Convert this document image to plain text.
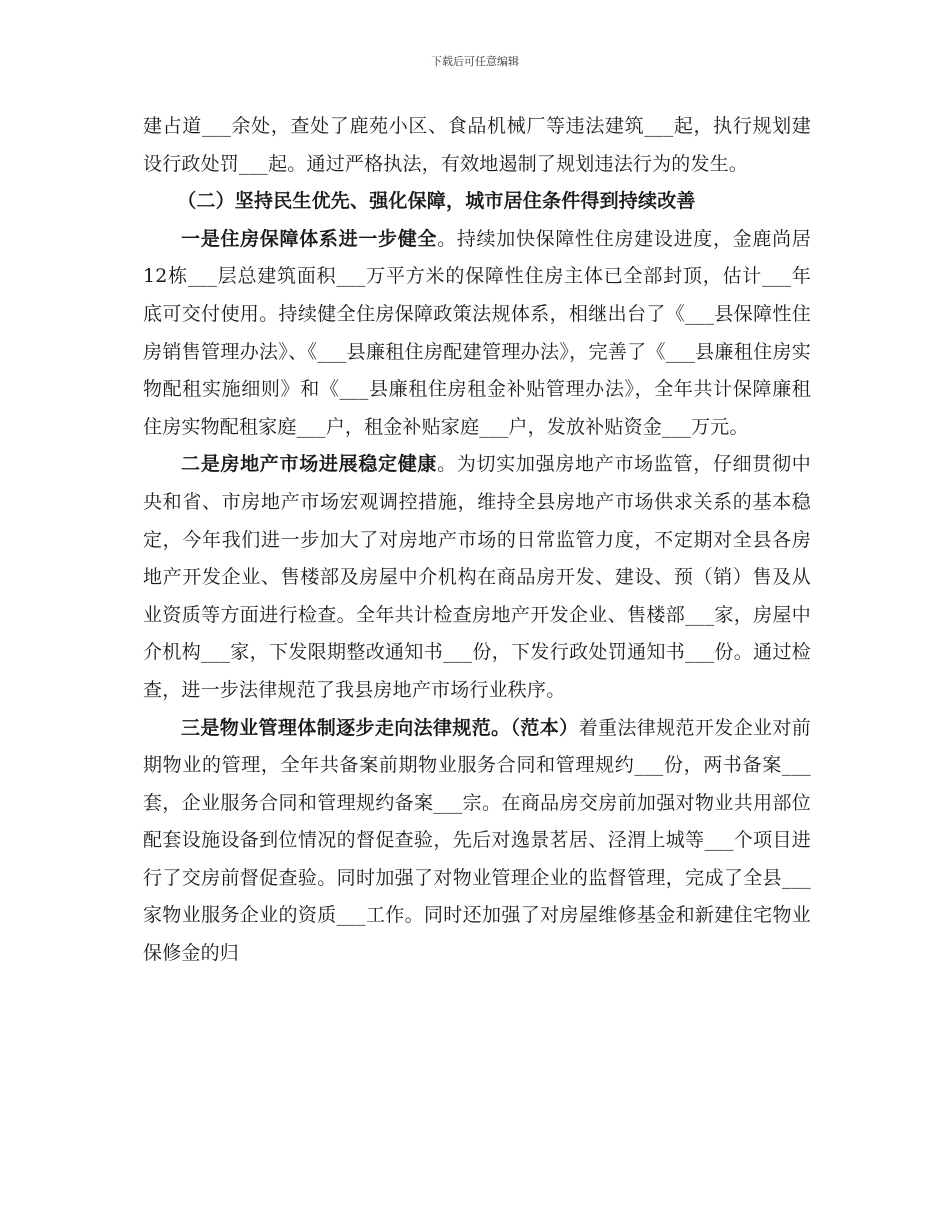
下载后可任意编辑

建占道___余处，查处了鹿苑小区、食品机械厂等违法建筑___起，执行规划建设行政处罚___起。通过严格执法，有效地遏制了规划违法行为的发生。

（二）坚持民生优先、强化保障，城市居住条件得到持续改善

一是住房保障体系进一步健全。持续加快保障性住房建设进度，金鹿尚居12栋___层总建筑面积___万平方米的保障性住房主体已全部封顶，估计___年底可交付使用。持续健全住房保障政策法规体系，相继出台了《___县保障性住房销售管理办法》、《___县廉租住房配建管理办法》，完善了《___县廉租住房实物配租实施细则》和《___县廉租住房租金补贴管理办法》，全年共计保障廉租住房实物配租家庭___户，租金补贴家庭___户，发放补贴资金___万元。

二是房地产市场进展稳定健康。为切实加强房地产市场监管，仔细贯彻中央和省、市房地产市场宏观调控措施，维持全县房地产市场供求关系的基本稳定，今年我们进一步加大了对房地产市场的日常监管力度，不定期对全县各房地产开发企业、售楼部及房屋中介机构在商品房开发、建设、预（销）售及从业资质等方面进行检查。全年共计检查房地产开发企业、售楼部___家，房屋中介机构___家，下发限期整改通知书___份，下发行政处罚通知书___份。通过检查，进一步法律规范了我县房地产市场行业秩序。

三是物业管理体制逐步走向法律规范。（范本）着重法律规范开发企业对前期物业的管理，全年共备案前期物业服务合同和管理规约___份，两书备案___套，企业服务合同和管理规约备案___宗。在商品房交房前加强对物业共用部位配套设施设备到位情况的督促查验，先后对逸景茗居、泾渭上城等___个项目进行了交房前督促查验。同时加强了对物业管理企业的监督管理，完成了全县___家物业服务企业的资质___工作。同时还加强了对房屋维修基金和新建住宅物业保修金的归
